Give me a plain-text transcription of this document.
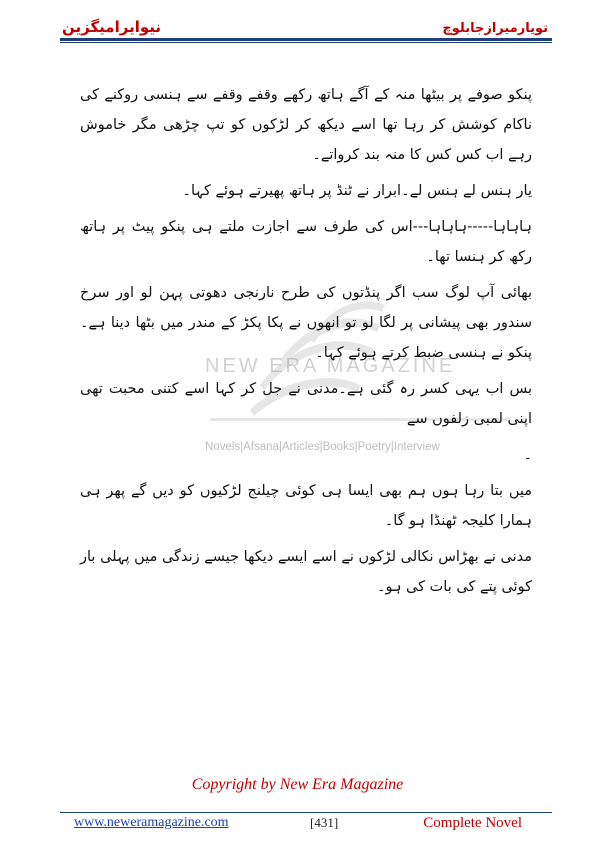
نیوایرامیگزین	تویارمیرازجابلوچ
NEW ERA MAGAZINE
Novels|Afsana|Articles|Books|Poetry|Interview

پنکو صوفے پر بیٹھا منہ کے آگے ہاتھ رکھے وقفے وقفے سے ہنسی روکنے کی ناکام کوشش کر رہا تھا اسے دیکھ کر لڑکوں کو تپ چڑھی مگر خاموش رہے اب کس کس کا منہ بند کرواتے۔

یار ہنس لے ہنس لے۔ابرار نے ٹنڈ پر ہاتھ پھیرتے ہوئے کہا۔

ہاہاہا-----ہاہاہا---اس کی طرف سے اجازت ملتے ہی پنکو پیٹ پر ہاتھ رکھ کر ہنسا تھا۔

بھائی آپ لوگ سب اگر پنڈتوں کی طرح نارنجی دھوتی پہن لو اور سرخ سندور بھی پیشانی پر لگا لو تو انھوں نے پکا پکڑ کے مندر میں بٹھا دینا ہے۔پنکو نے ہنسی ضبط کرتے ہوئے کہا۔

بس اب یہی کسر رہ گئی ہے۔مدنی نے جل کر کہا اسے کتنی محبت تھی اپنی لمبی زلفوں سے

۔

میں بتا رہا ہوں ہم بھی ایسا ہی کوئی چیلنج لڑکیوں کو دیں گے پھر ہی ہمارا کلیجہ ٹھنڈا ہو گا۔

مدنی نے بھڑاس نکالی لڑکوں نے اسے ایسے دیکھا جیسے زندگی میں پہلی بار کوئی پتے کی بات کی ہو۔

Copyright by New Era Magazine
www.neweramagazine.com	[431]	Complete Novel
